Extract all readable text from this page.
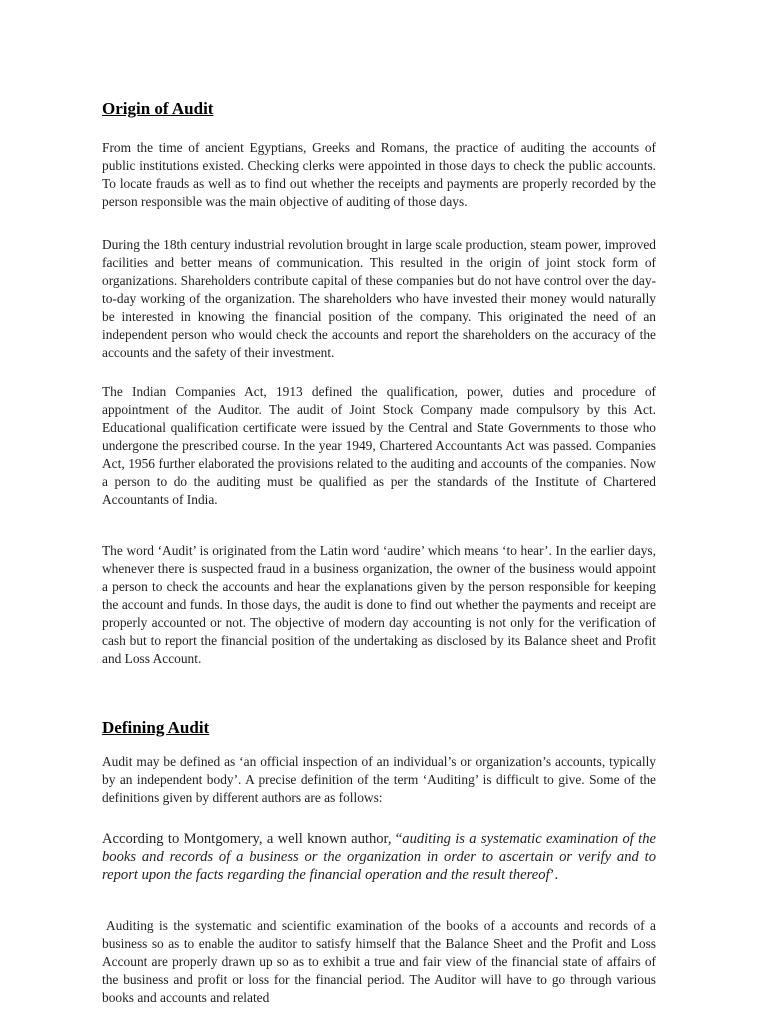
Origin of Audit

From the time of ancient Egyptians, Greeks and Romans, the practice of auditing the accounts of public institutions existed. Checking clerks were appointed in those days to check the public accounts. To locate frauds as well as to find out whether the receipts and payments are properly recorded by the person responsible was the main objective of auditing of those days.

During the 18th century industrial revolution brought in large scale production, steam power, improved facilities and better means of communication. This resulted in the origin of joint stock form of organizations. Shareholders contribute capital of these companies but do not have control over the day-to-day working of the organization. The shareholders who have invested their money would naturally be interested in knowing the financial position of the company. This originated the need of an independent person who would check the accounts and report the shareholders on the accuracy of the accounts and the safety of their investment.

The Indian Companies Act, 1913 defined the qualification, power, duties and procedure of appointment of the Auditor. The audit of Joint Stock Company made compulsory by this Act. Educational qualification certificate were issued by the Central and State Governments to those who undergone the prescribed course. In the year 1949, Chartered Accountants Act was passed. Companies Act, 1956 further elaborated the provisions related to the auditing and accounts of the companies. Now a person to do the auditing must be qualified as per the standards of the Institute of Chartered Accountants of India.

The word ‘Audit’ is originated from the Latin word ‘audire’ which means ‘to hear’. In the earlier days, whenever there is suspected fraud in a business organization, the owner of the business would appoint a person to check the accounts and hear the explanations given by the person responsible for keeping the account and funds. In those days, the audit is done to find out whether the payments and receipt are properly accounted or not. The objective of modern day accounting is not only for the verification of cash but to report the financial position of the undertaking as disclosed by its Balance sheet and Profit and Loss Account.

Defining Audit

Audit may be defined as ‘an official inspection of an individual’s or organization’s accounts, typically by an independent body’. A precise definition of the term ‘Auditing’ is difficult to give. Some of the definitions given by different authors are as follows:

According to Montgomery, a well known author, “auditing is a systematic examination of the books and records of a business or the organization in order to ascertain or verify and to report upon the facts regarding the financial operation and the result thereof’.

Auditing is the systematic and scientific examination of the books of a accounts and records of a business so as to enable the auditor to satisfy himself that the Balance Sheet and the Profit and Loss Account are properly drawn up so as to exhibit a true and fair view of the financial state of affairs of the business and profit or loss for the financial period. The Auditor will have to go through various books and accounts and related
